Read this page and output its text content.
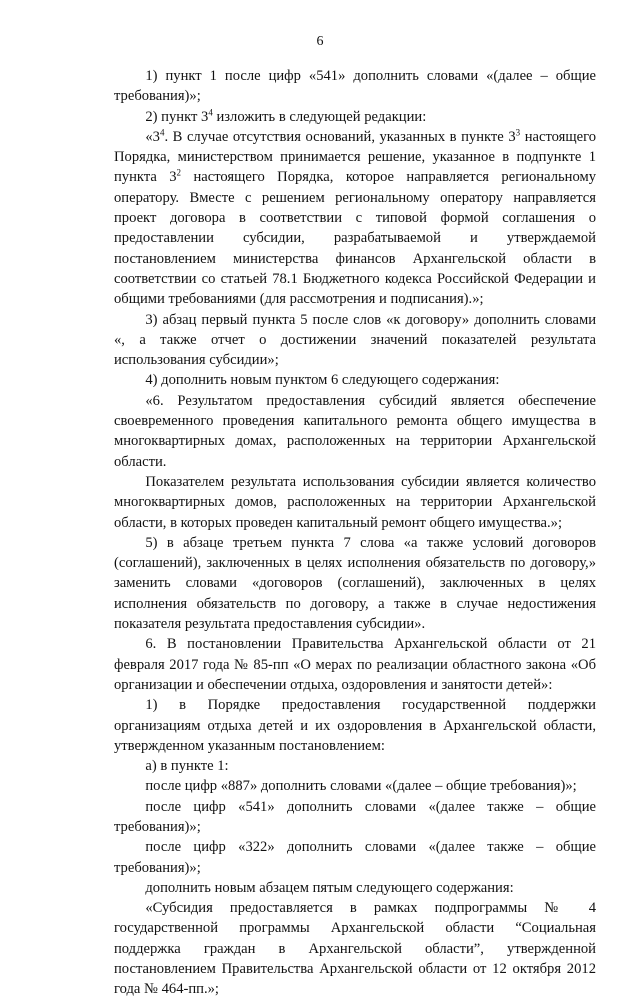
6

1) пункт 1 после цифр «541» дополнить словами «(далее – общие требования)»;

2) пункт $3^4$ изложить в следующей редакции:

«$3^4$. В случае отсутствия оснований, указанных в пункте $3^3$ настоящего Порядка, министерством принимается решение, указанное в подпункте 1 пункта $3^2$ настоящего Порядка, которое направляется региональному оператору. Вместе с решением региональному оператору направляется проект договора в соответствии с типовой формой соглашения о предоставлении субсидии, разрабатываемой и утверждаемой постановлением министерства финансов Архангельской области в соответствии со статьей 78.1 Бюджетного кодекса Российской Федерации и общими требованиями (для рассмотрения и подписания).»;

3) абзац первый пункта 5 после слов «к договору» дополнить словами «, а также отчет о достижении значений показателей результата использования субсидии»;

4) дополнить новым пунктом 6 следующего содержания:

«6. Результатом предоставления субсидий является обеспечение своевременного проведения капитального ремонта общего имущества в многоквартирных домах, расположенных на территории Архангельской области.

Показателем результата использования субсидии является количество многоквартирных домов, расположенных на территории Архангельской области, в которых проведен капитальный ремонт общего имущества.»;

5) в абзаце третьем пункта 7 слова «а также условий договоров (соглашений), заключенных в целях исполнения обязательств по договору,» заменить словами «договоров (соглашений), заключенных в целях исполнения обязательств по договору, а также в случае недостижения показателя результата предоставления субсидии».

6. В постановлении Правительства Архангельской области от 21 февраля 2017 года № 85-пп «О мерах по реализации областного закона «Об организации и обеспечении отдыха, оздоровления и занятости детей»:

1) в Порядке предоставления государственной поддержки организациям отдыха детей и их оздоровления в Архангельской области, утвержденном указанным постановлением:

а) в пункте 1:

после цифр «887» дополнить словами «(далее – общие требования)»;

после цифр «541» дополнить словами «(далее также – общие требования)»;

после цифр «322» дополнить словами «(далее также – общие требования)»;

дополнить новым абзацем пятым следующего содержания:

«Субсидия предоставляется в рамках подпрограммы № 4 государственной программы Архангельской области “Социальная поддержка граждан в Архангельской области”, утвержденной постановлением Правительства Архангельской области от 12 октября 2012 года № 464-пп.»;
